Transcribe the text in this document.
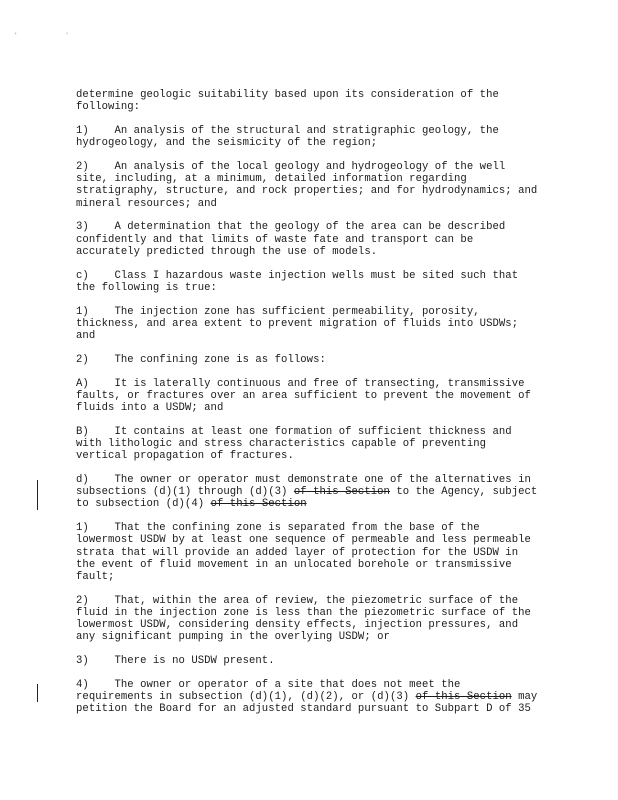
' '
determine geologic suitability based upon its consideration of the
following:
1)    An analysis of the structural and stratigraphic geology, the
hydrogeology, and the seismicity of the region;
2)    An analysis of the local geology and hydrogeology of the well
site, including, at a minimum, detailed information regarding
stratigraphy, structure, and rock properties; and for hydrodynamics; and
mineral resources; and
3)    A determination that the geology of the area can be described
confidently and that limits of waste fate and transport can be
accurately predicted through the use of models.
c)    Class I hazardous waste injection wells must be sited such that
the following is true:
1)    The injection zone has sufficient permeability, porosity,
thickness, and area extent to prevent migration of fluids into USDWs;
and
2)    The confining zone is as follows:
A)    It is laterally continuous and free of transecting, transmissive
faults, or fractures over an area sufficient to prevent the movement of
fluids into a USDW; and
B)    It contains at least one formation of sufficient thickness and
with lithologic and stress characteristics capable of preventing
vertical propagation of fractures.
d)    The owner or operator must demonstrate one of the alternatives in
subsections (d)(1) through (d)(3) of this Section to the Agency, subject
to subsection (d)(4) of this Section
1)    That the confining zone is separated from the base of the
lowermost USDW by at least one sequence of permeable and less permeable
strata that will provide an added layer of protection for the USDW in
the event of fluid movement in an unlocated borehole or transmissive
fault;
2)    That, within the area of review, the piezometric surface of the
fluid in the injection zone is less than the piezometric surface of the
lowermost USDW, considering density effects, injection pressures, and
any significant pumping in the overlying USDW; or
3)    There is no USDW present.
4)    The owner or operator of a site that does not meet the
requirements in subsection (d)(1), (d)(2), or (d)(3) of this Section may
petition the Board for an adjusted standard pursuant to Subpart D of 35
